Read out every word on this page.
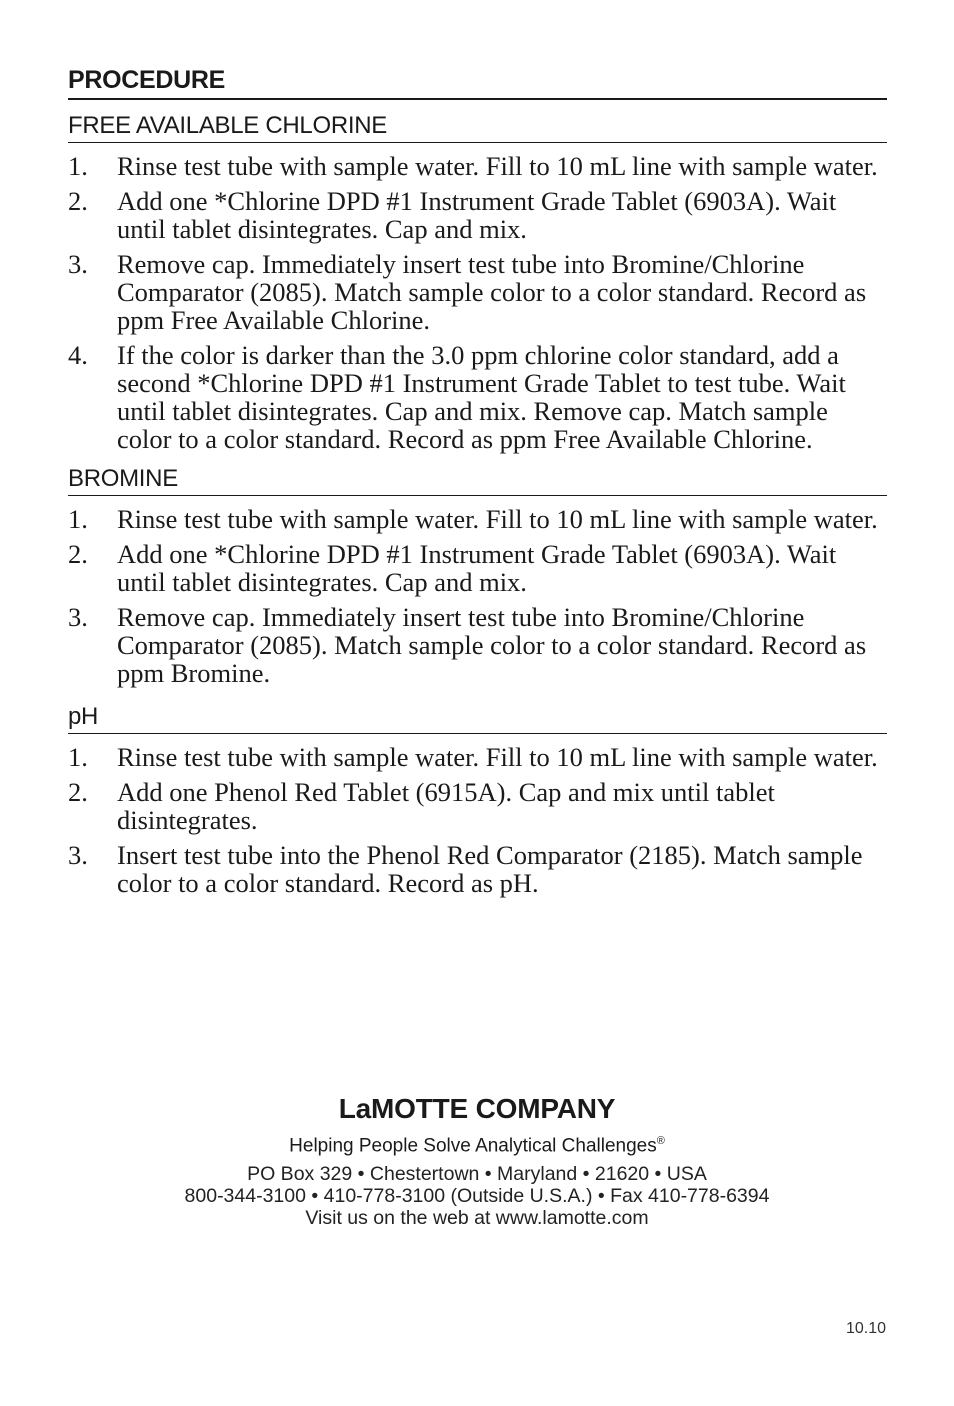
PROCEDURE
FREE AVAILABLE CHLORINE
1.	Rinse test tube with sample water. Fill to 10 mL line with sample water.
2.	Add one *Chlorine DPD #1 Instrument Grade Tablet (6903A). Wait until tablet disintegrates. Cap and mix.
3.	Remove cap. Immediately insert test tube into Bromine/Chlorine Comparator (2085). Match sample color to a color standard. Record as ppm Free Available Chlorine.
4.	If the color is darker than the 3.0 ppm chlorine color standard, add a second *Chlorine DPD #1 Instrument Grade Tablet to test tube. Wait until tablet disintegrates. Cap and mix. Remove cap. Match sample color to a color standard. Record as ppm Free Available Chlorine.
BROMINE
1.	Rinse test tube with sample water. Fill to 10 mL line with sample water.
2.	Add one *Chlorine DPD #1 Instrument Grade Tablet (6903A). Wait until tablet disintegrates. Cap and mix.
3.	Remove cap. Immediately insert test tube into Bromine/Chlorine Comparator (2085). Match sample color to a color standard. Record as ppm Bromine.
pH
1.	Rinse test tube with sample water. Fill to 10 mL line with sample water.
2.	Add one Phenol Red Tablet (6915A). Cap and mix until tablet disintegrates.
3.	Insert test tube into the Phenol Red Comparator (2185). Match sample color to a color standard. Record as pH.
LaMOTTE COMPANY
Helping People Solve Analytical Challenges®
PO Box 329 • Chestertown • Maryland • 21620 • USA
800-344-3100 • 410-778-3100 (Outside U.S.A.) • Fax 410-778-6394
Visit us on the web at www.lamotte.com
10.10
